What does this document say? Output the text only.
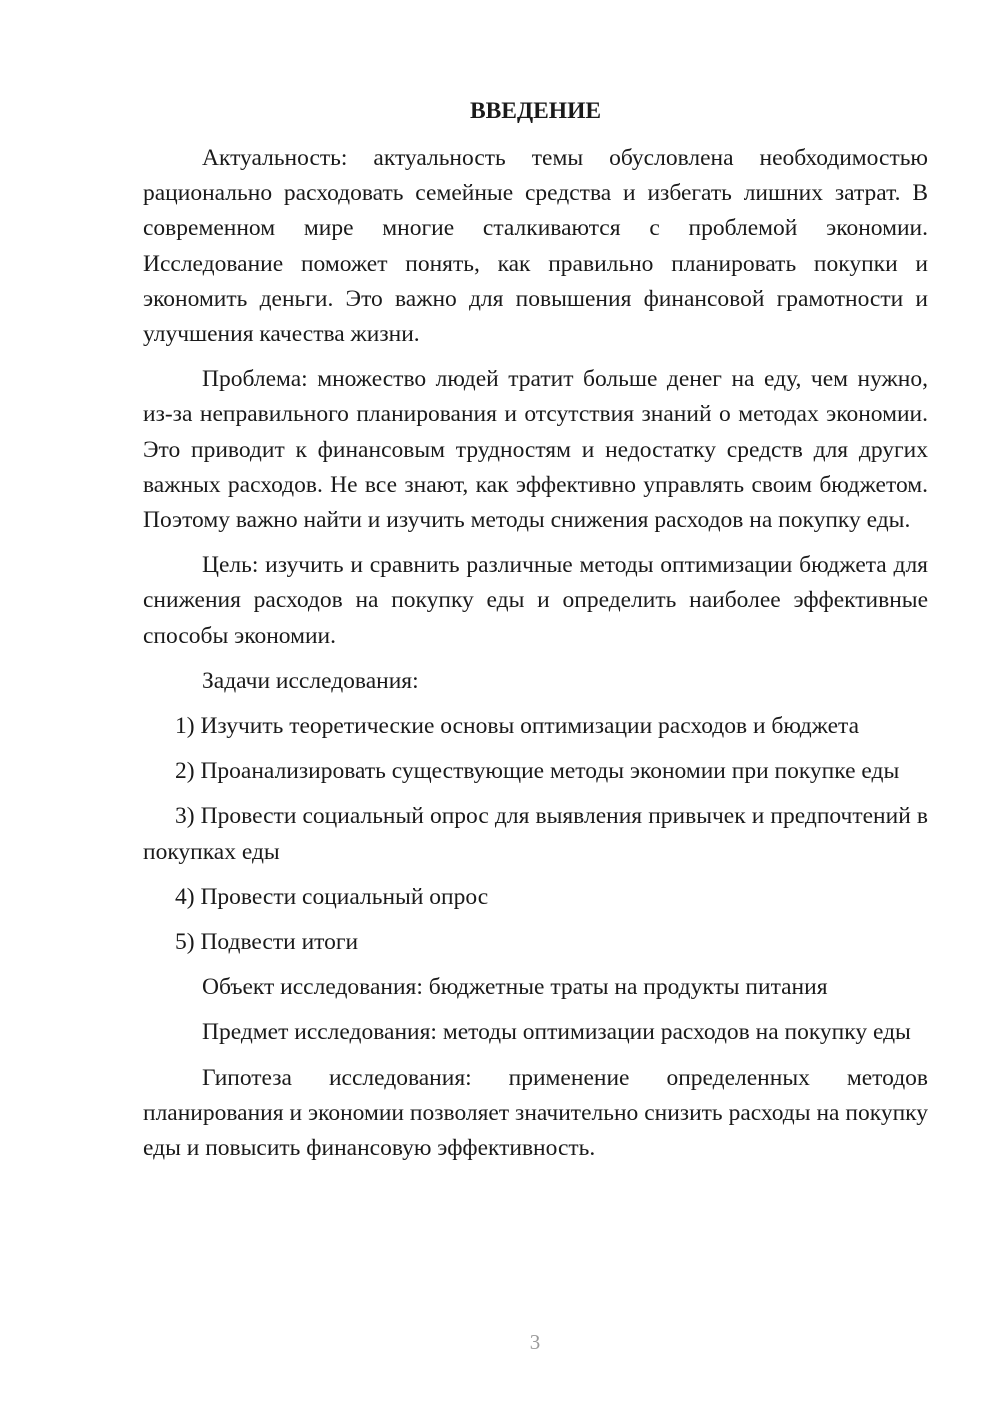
ВВЕДЕНИЕ

Актуальность: актуальность темы обусловлена необходимостью рационально расходовать семейные средства и избегать лишних затрат. В современном мире многие сталкиваются с проблемой экономии. Исследование поможет понять, как правильно планировать покупки и экономить деньги. Это важно для повышения финансовой грамотности и улучшения качества жизни.

Проблема: множество людей тратит больше денег на еду, чем нужно, из-за неправильного планирования и отсутствия знаний о методах экономии. Это приводит к финансовым трудностям и недостатку средств для других важных расходов. Не все знают, как эффективно управлять своим бюджетом. Поэтому важно найти и изучить методы снижения расходов на покупку еды.

Цель: изучить и сравнить различные методы оптимизации бюджета для снижения расходов на покупку еды и определить наиболее эффективные способы экономии.

Задачи исследования:

1) Изучить теоретические основы оптимизации расходов и бюджета

2) Проанализировать существующие методы экономии при покупке еды

3) Провести социальный опрос для выявления привычек и предпочтений в покупках еды

4) Провести социальный опрос

5) Подвести итоги

Объект исследования: бюджетные траты на продукты питания

Предмет исследования: методы оптимизации расходов на покупку еды

Гипотеза исследования: применение определенных методов планирования и экономии позволяет значительно снизить расходы на покупку еды и повысить финансовую эффективность.

3
